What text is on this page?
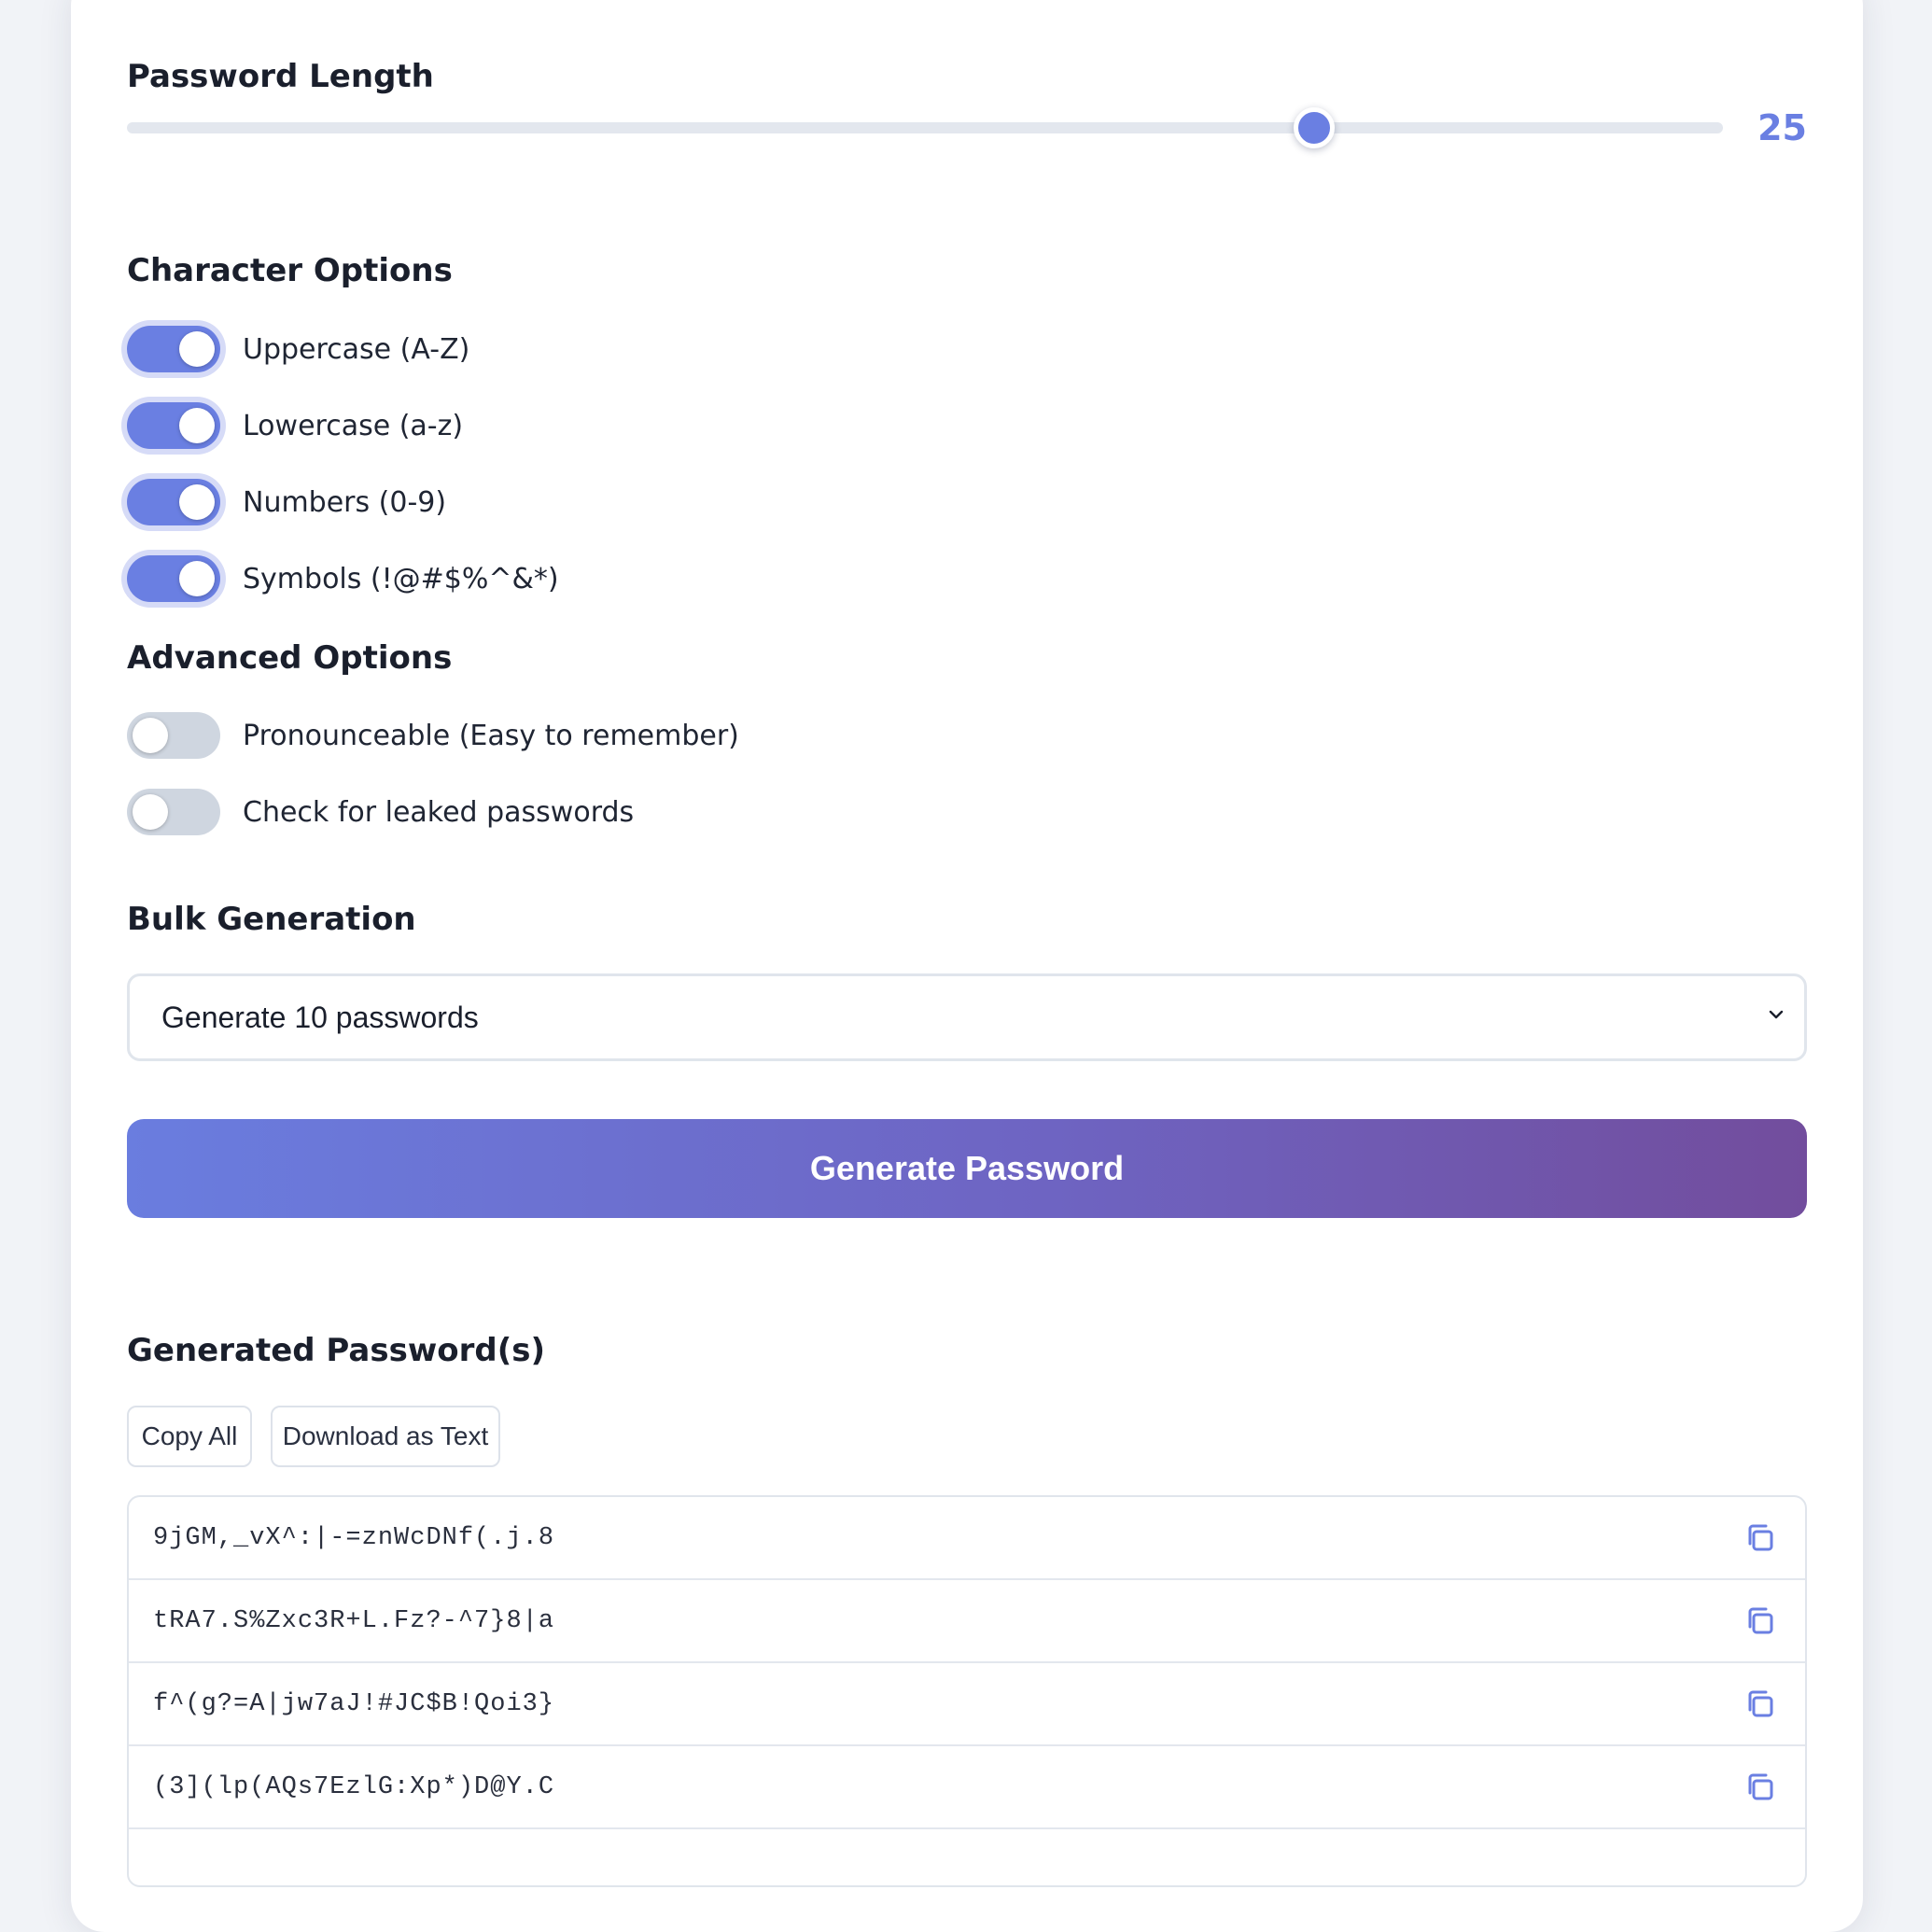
Password Length
25
Character Options
Uppercase (A-Z)
Lowercase (a-z)
Numbers (0-9)
Symbols (!@#$%^&*)
Advanced Options
Pronounceable (Easy to remember)
Check for leaked passwords
Bulk Generation
Generate 10 passwords
Generate Password
Generated Password(s)
Copy All	Download as Text
9jGM,_vX^:|-=znWcDNf(.j.8
tRA7.S%Zxc3R+L.Fz?-^7}8|a
f^(g?=A|jw7aJ!#JC$B!Qoi3}
(3](lp(AQs7EzlG:Xp*)D@Y.C
